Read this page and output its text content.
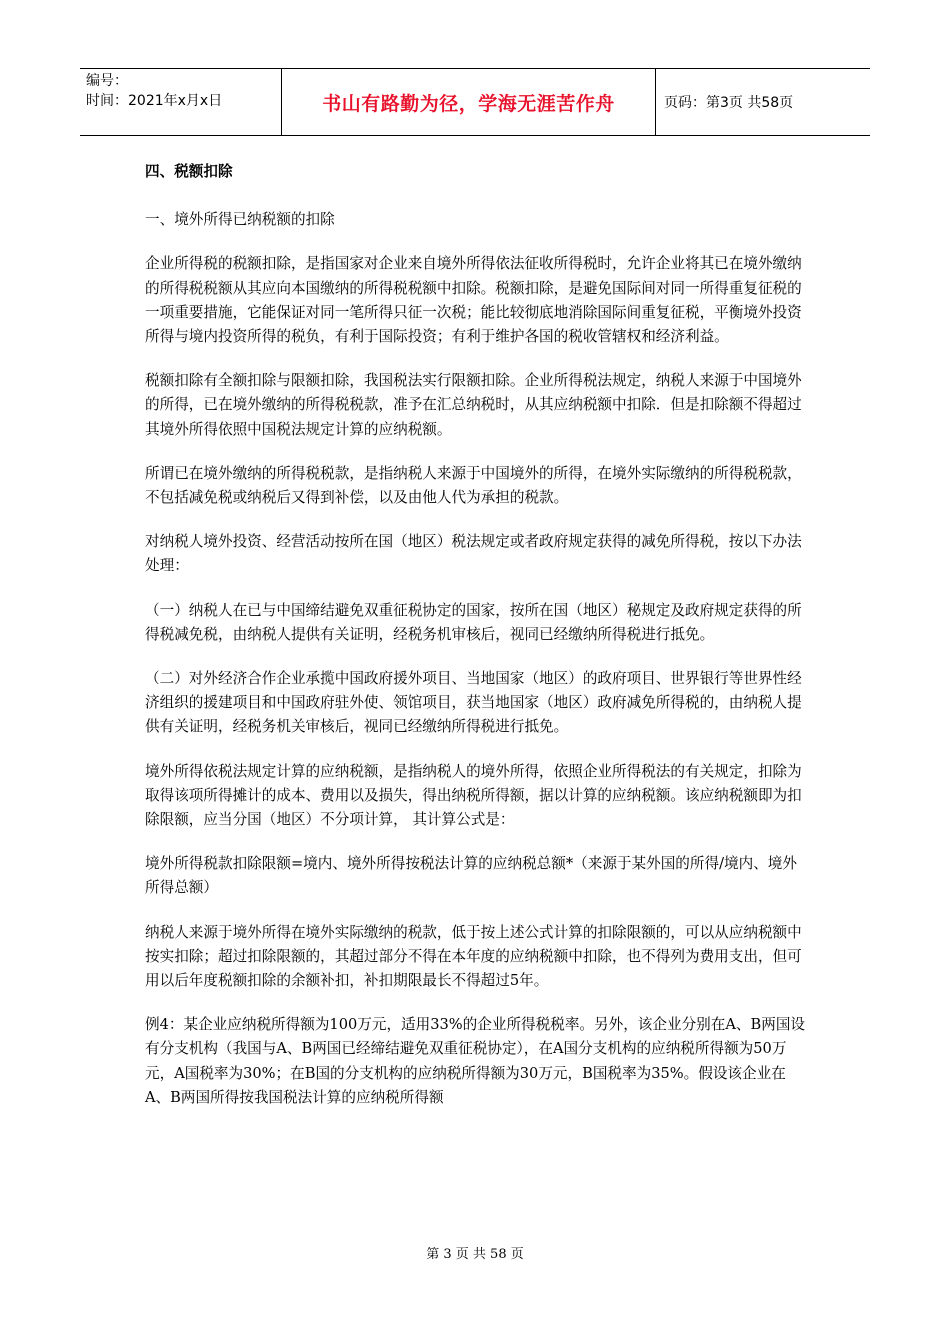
编号：
时间：2021年x月x日	书山有路勤为径，学海无涯苦作舟	页码：第3页 共58页

四、税额扣除

一、境外所得已纳税额的扣除

企业所得税的税额扣除，是指国家对企业来自境外所得依法征收所得税时，允许企业将其已在境外缴纳的所得税税额从其应向本国缴纳的所得税税额中扣除。税额扣除，是避免国际间对同一所得重复征税的一项重要措施，它能保证对同一笔所得只征一次税；能比较彻底地消除国际间重复征税，平衡境外投资所得与境内投资所得的税负，有利于国际投资；有利于维护各国的税收管辖权和经济利益。

税额扣除有全额扣除与限额扣除，我国税法实行限额扣除。企业所得税法规定，纳税人来源于中国境外的所得，已在境外缴纳的所得税税款，准予在汇总纳税时，从其应纳税额中扣除．但是扣除额不得超过其境外所得依照中国税法规定计算的应纳税额。

所谓已在境外缴纳的所得税税款，是指纳税人来源于中国境外的所得，在境外实际缴纳的所得税税款，不包括减免税或纳税后又得到补偿，以及由他人代为承担的税款。

对纳税人境外投资、经营活动按所在国（地区）税法规定或者政府规定获得的减免所得税，按以下办法处理：

（一）纳税人在已与中国缔结避免双重征税协定的国家，按所在国（地区）秘规定及政府规定获得的所得税减免税，由纳税人提供有关证明，经税务机审核后，视同已经缴纳所得税进行抵免。

（二）对外经济合作企业承揽中国政府援外项目、当地国家（地区）的政府项目、世界银行等世界性经济组织的援建项目和中国政府驻外使、领馆项目，获当地国家（地区）政府减免所得税的，由纳税人提供有关证明，经税务机关审核后，视同已经缴纳所得税进行抵免。

境外所得依税法规定计算的应纳税额，是指纳税人的境外所得，依照企业所得税法的有关规定，扣除为取得该项所得摊计的成本、费用以及损失，得出纳税所得额，据以计算的应纳税额。该应纳税额即为扣除限额，应当分国（地区）不分项计算， 其计算公式是：

境外所得税款扣除限额=境内、境外所得按税法计算的应纳税总额*（来源于某外国的所得/境内、境外所得总额）

纳税人来源于境外所得在境外实际缴纳的税款，低于按上述公式计算的扣除限额的，可以从应纳税额中按实扣除；超过扣除限额的，其超过部分不得在本年度的应纳税额中扣除，也不得列为费用支出，但可用以后年度税额扣除的余额补扣，补扣期限最长不得超过5年。

例4：某企业应纳税所得额为100万元，适用33%的企业所得税税率。另外，该企业分别在A、B两国设有分支机构（我国与A、B两国已经缔结避免双重征税协定），在A国分支机构的应纳税所得额为50万元，A国税率为30%；在B国的分支机构的应纳税所得额为30万元，B国税率为35%。假设该企业在A、B两国所得按我国税法计算的应纳税所得额

第 3 页 共 58 页
